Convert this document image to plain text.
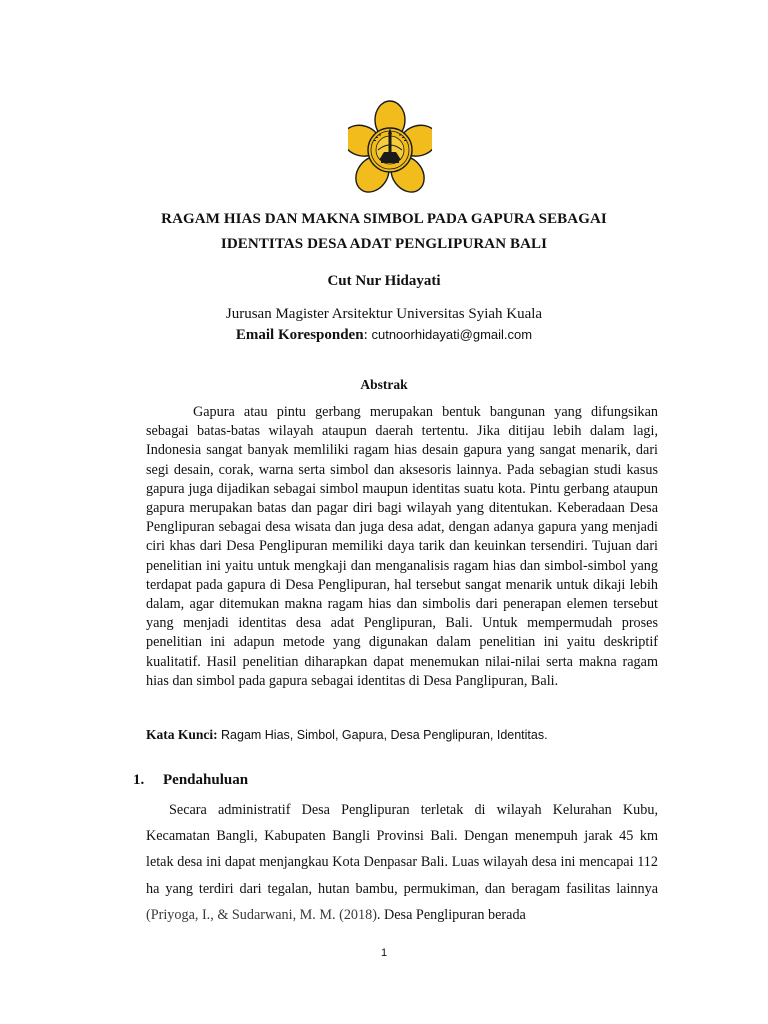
RAGAM HIAS DAN MAKNA SIMBOL PADA GAPURA SEBAGAI
IDENTITAS DESA ADAT PENGLIPURAN BALI
Cut Nur Hidayati
Jurusan Magister Arsitektur Universitas Syiah Kuala
Email Koresponden: cutnoorhidayati@gmail.com
Abstrak

Gapura atau pintu gerbang merupakan bentuk bangunan yang difungsikan sebagai batas-batas wilayah ataupun daerah tertentu. Jika ditijau lebih dalam lagi, Indonesia sangat banyak memliliki ragam hias desain gapura yang sangat menarik, dari segi desain, corak, warna serta simbol dan aksesoris lainnya. Pada sebagian studi kasus gapura juga dijadikan sebagai simbol maupun identitas suatu kota. Pintu gerbang ataupun gapura merupakan batas dan pagar diri bagi wilayah yang ditentukan. Keberadaan Desa Penglipuran sebagai desa wisata dan juga desa adat, dengan adanya gapura yang menjadi ciri khas dari Desa Penglipuran memiliki daya tarik dan keuinkan tersendiri. Tujuan dari penelitian ini yaitu untuk mengkaji dan menganalisis ragam hias dan simbol-simbol yang terdapat pada gapura di Desa Penglipuran, hal tersebut sangat menarik untuk dikaji lebih dalam, agar ditemukan makna ragam hias dan simbolis dari penerapan elemen tersebut yang menjadi identitas desa adat Penglipuran, Bali. Untuk mempermudah proses penelitian ini adapun metode yang digunakan dalam penelitian ini yaitu deskriptif kualitatif. Hasil penelitian diharapkan dapat menemukan nilai-nilai serta makna ragam hias dan simbol pada gapura sebagai identitas di Desa Panglipuran, Bali.

Kata Kunci: Ragam Hias, Simbol, Gapura, Desa Penglipuran, Identitas.
1. Pendahuluan

Secara administratif Desa Penglipuran terletak di wilayah Kelurahan Kubu, Kecamatan Bangli, Kabupaten Bangli Provinsi Bali. Dengan menempuh jarak 45 km letak desa ini dapat menjangkau Kota Denpasar Bali. Luas wilayah desa ini mencapai 112 ha yang terdiri dari tegalan, hutan bambu, permukiman, dan beragam fasilitas lainnya (Priyoga, I., & Sudarwani, M. M. (2018). Desa Penglipuran berada

1
